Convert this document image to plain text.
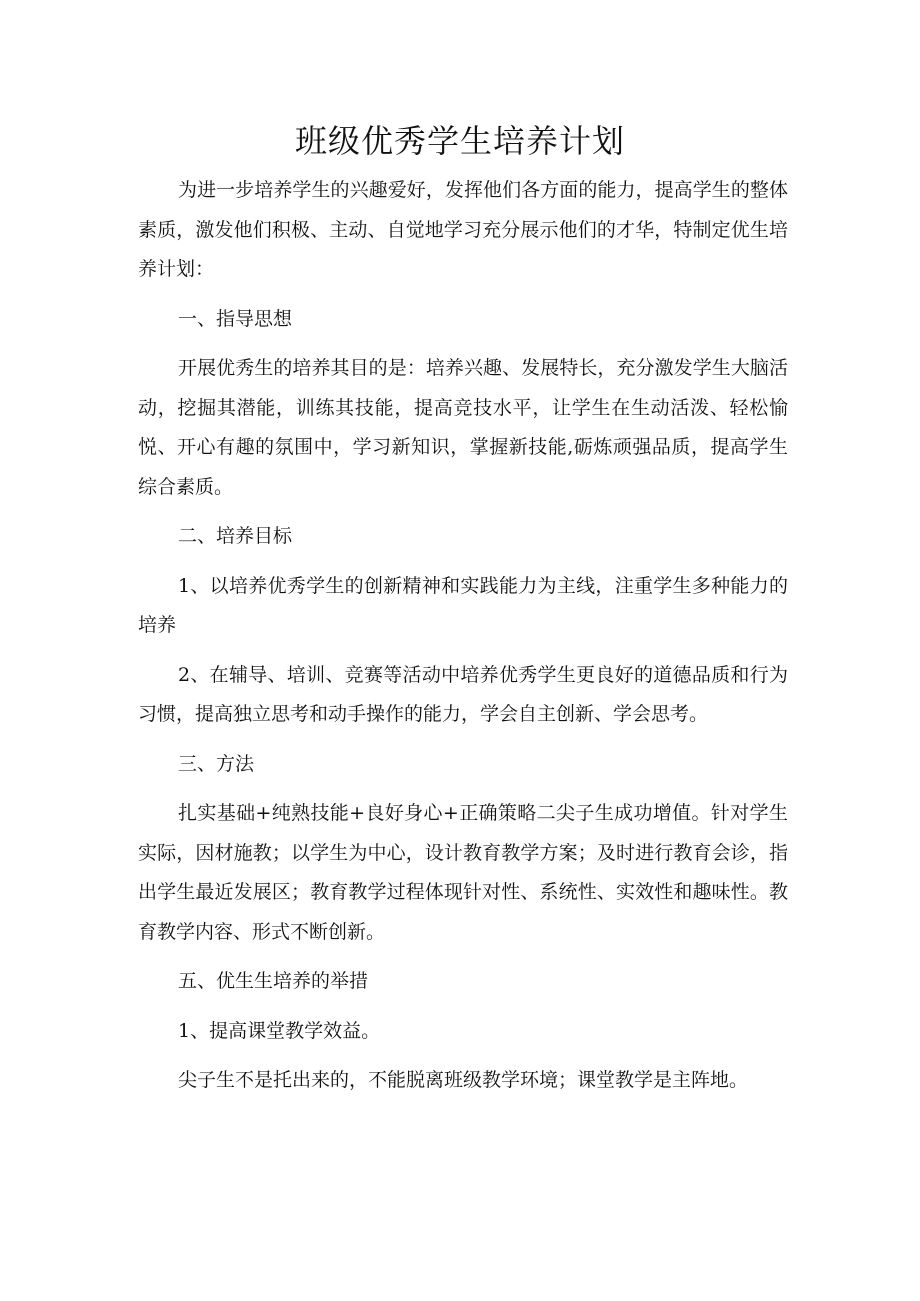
班级优秀学生培养计划

为进一步培养学生的兴趣爱好，发挥他们各方面的能力，提高学生的整体素质，激发他们积极、主动、自觉地学习充分展示他们的才华，特制定优生培养计划：

一、指导思想

开展优秀生的培养其目的是：培养兴趣、发展特长，充分激发学生大脑活动，挖掘其潜能，训练其技能，提高竞技水平，让学生在生动活泼、轻松愉悦、开心有趣的氛围中，学习新知识，掌握新技能,砺炼顽强品质，提高学生综合素质。

二、培养目标

1、以培养优秀学生的创新精神和实践能力为主线，注重学生多种能力的培养

2、在辅导、培训、竞赛等活动中培养优秀学生更良好的道德品质和行为习惯，提高独立思考和动手操作的能力，学会自主创新、学会思考。

三、方法

扎实基础+纯熟技能+良好身心+正确策略二尖子生成功增值。针对学生实际，因材施教；以学生为中心，设计教育教学方案；及时进行教育会诊，指出学生最近发展区；教育教学过程体现针对性、系统性、实效性和趣味性。教育教学内容、形式不断创新。

五、优生生培养的举措

1、提高课堂教学效益。

尖子生不是托出来的，不能脱离班级教学环境；课堂教学是主阵地。
